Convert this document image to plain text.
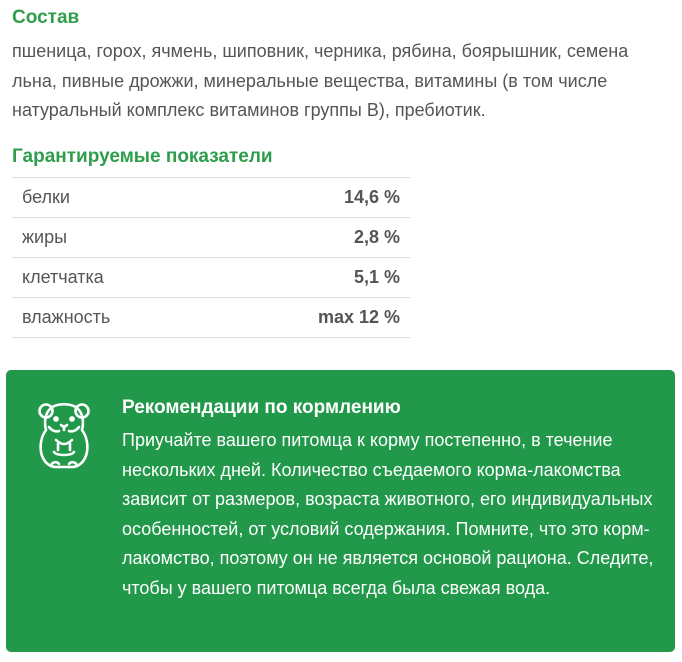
Состав

пшеница, горох, ячмень, шиповник, черника, рябина, боярышник, семена льна, пивные дрожжи, минеральные вещества, витамины (в том числе натуральный комплекс витаминов группы В), пребиотик.

Гарантируемые показатели
белки	14,6 %
жиры	2,8 %
клетчатка	5,1 %
влажность	max 12 %
Рекомендации по кормлению

Приучайте вашего питомца к корму постепенно, в течение нескольких дней. Количество съедаемого корма-лакомства зависит от размеров, возраста животного, его индивидуальных особенностей, от условий содержания. Помните, что это корм-лакомство, поэтому он не является основой рациона. Следите, чтобы у вашего питомца всегда была свежая вода.
